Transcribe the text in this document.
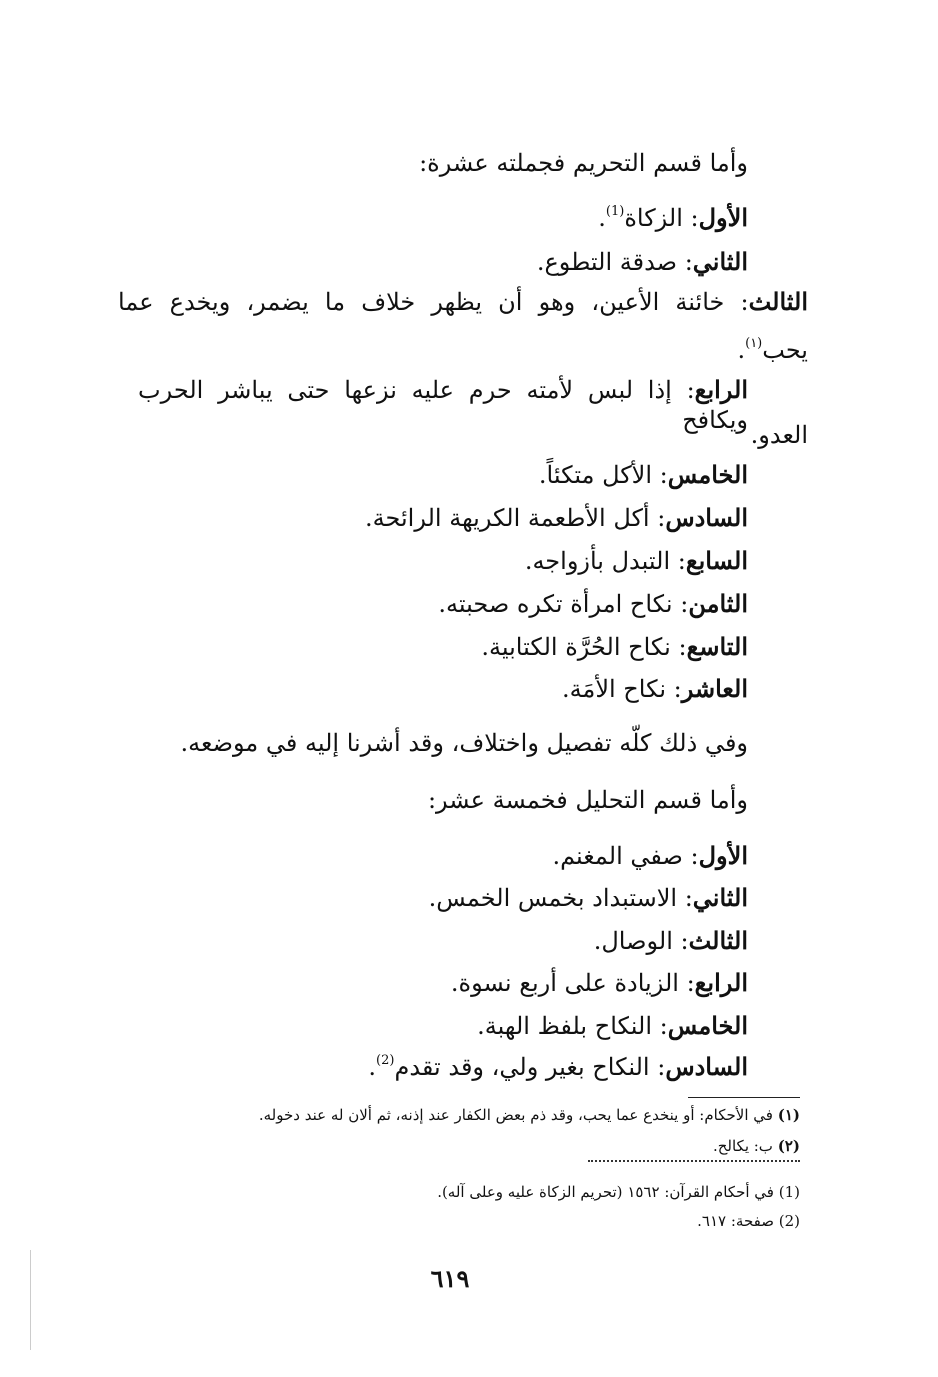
وأما قسم التحريم فجملته عشرة:
الأول: الزكاة$^{(1)}$.
الثاني: صدقة التطوع.
الثالث: خائنة الأعين، وهو أن يظهر خلاف ما يضمر، ويخدع عما
يحب$^{(١)}$.
الرابع: إذا لبس لأمته حرم عليه نزعها حتى يباشر الحرب ويكافح
العدو.
الخامس: الأكل متكئاً.
السادس: أكل الأطعمة الكريهة الرائحة.
السابع: التبدل بأزواجه.
الثامن: نكاح امرأة تكره صحبته.
التاسع: نكاح الحُرَّة الكتابية.
العاشر: نكاح الأمَة.
وفي ذلك كلّه تفصيل واختلاف، وقد أشرنا إليه في موضعه.
وأما قسم التحليل فخمسة عشر:
الأول: صفي المغنم.
الثاني: الاستبداد بخمس الخمس.
الثالث: الوصال.
الرابع: الزيادة على أربع نسوة.
الخامس: النكاح بلفظ الهبة.
السادس: النكاح بغير ولي، وقد تقدم$^{(2)}$.
(١) في الأحكام: أو ينخدع عما يحب، وقد ذم بعض الكفار عند إذنه، ثم ألان له عند دخوله.
(٢) ب: يكالح.
(1) في أحكام القرآن: ١٥٦٢ (تحريم الزكاة عليه وعلى آله).
(2) صفحة: ٦١٧.
٦١٩
